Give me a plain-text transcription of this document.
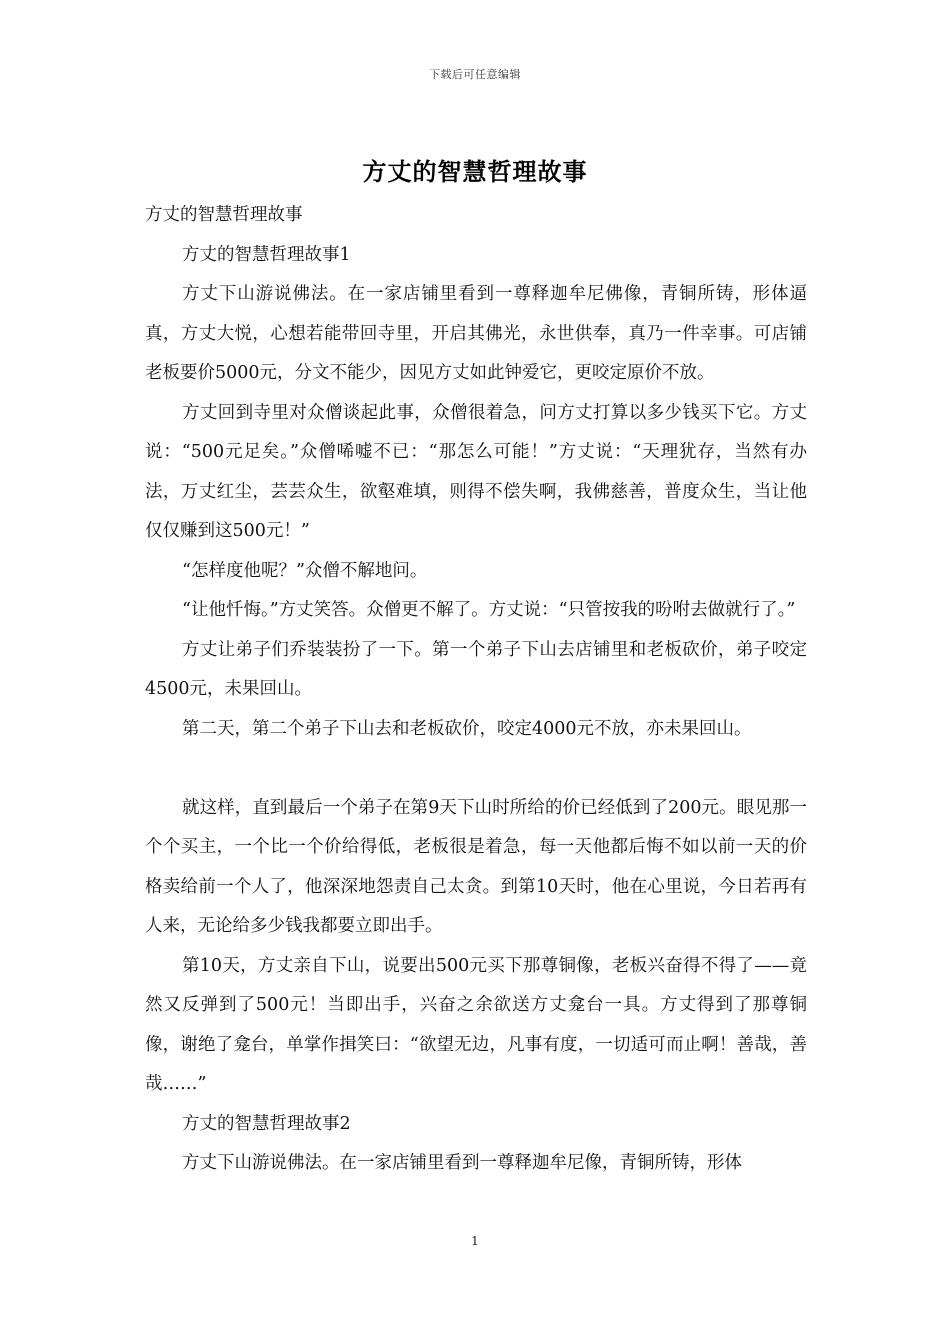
下载后可任意编辑
方丈的智慧哲理故事

方丈的智慧哲理故事

方丈的智慧哲理故事1

方丈下山游说佛法。在一家店铺里看到一尊释迦牟尼佛像，青铜所铸，形体逼真，方丈大悦，心想若能带回寺里，开启其佛光，永世供奉，真乃一件幸事。可店铺老板要价5000元，分文不能少，因见方丈如此钟爱它，更咬定原价不放。

方丈回到寺里对众僧谈起此事，众僧很着急，问方丈打算以多少钱买下它。方丈说：“500元足矣。”众僧唏嘘不已：“那怎么可能！”方丈说：“天理犹存，当然有办法，万丈红尘，芸芸众生，欲壑难填，则得不偿失啊，我佛慈善，普度众生，当让他仅仅赚到这500元！”

“怎样度他呢？”众僧不解地问。

“让他忏悔。”方丈笑答。众僧更不解了。方丈说：“只管按我的吩咐去做就行了。”

方丈让弟子们乔装装扮了一下。第一个弟子下山去店铺里和老板砍价，弟子咬定4500元，未果回山。

第二天，第二个弟子下山去和老板砍价，咬定4000元不放，亦未果回山。

就这样，直到最后一个弟子在第9天下山时所给的价已经低到了200元。眼见那一个个买主，一个比一个价给得低，老板很是着急，每一天他都后悔不如以前一天的价格卖给前一个人了，他深深地怨责自己太贪。到第10天时，他在心里说，今日若再有人来，无论给多少钱我都要立即出手。

第10天，方丈亲自下山，说要出500元买下那尊铜像，老板兴奋得不得了——竟然又反弹到了500元！当即出手，兴奋之余欲送方丈龛台一具。方丈得到了那尊铜像，谢绝了龛台，单掌作揖笑曰：“欲望无边，凡事有度，一切适可而止啊！善哉，善哉……”

方丈的智慧哲理故事2

方丈下山游说佛法。在一家店铺里看到一尊释迦牟尼像，青铜所铸，形体

1
